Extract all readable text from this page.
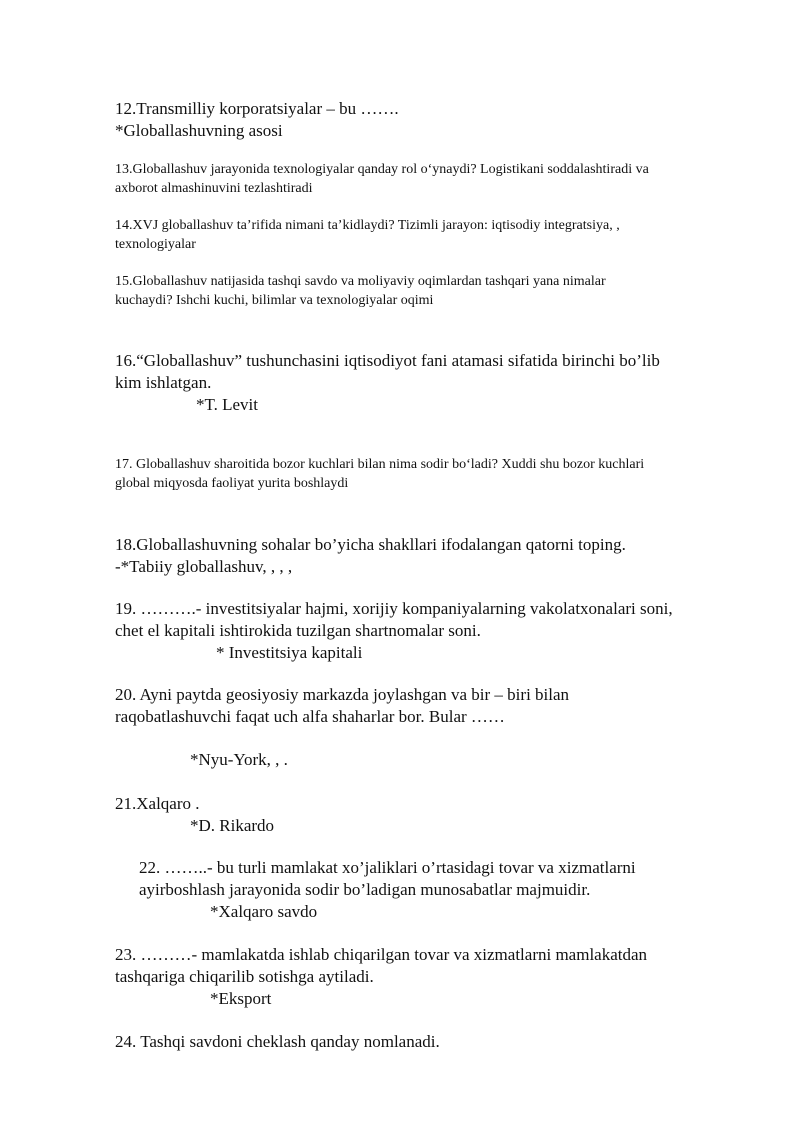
12.Transmilliy korporatsiyalar – bu …….
*Globallashuvning asosi
13.Globallashuv jarayonida texnologiyalar qanday rol o‘ynaydi? Logistikani soddalashtiradi va
axborot almashinuvini tezlashtiradi
14.XVJ globallashuv ta’rifida nimani ta’kidlaydi? Tizimli jarayon: iqtisodiy integratsiya, ,
texnologiyalar
15.Globallashuv natijasida tashqi savdo va moliyaviy oqimlardan tashqari yana nimalar
kuchaydi? Ishchi kuchi, bilimlar va texnologiyalar oqimi
16.“Globallashuv” tushunchasini iqtisodiyot fani atamasi sifatida birinchi bo’lib
kim ishlatgan.
*T. Levit
17. Globallashuv sharoitida bozor kuchlari bilan nima sodir bo‘ladi? Xuddi shu bozor kuchlari
global miqyosda faoliyat yurita boshlaydi
18.Globallashuvning sohalar bo’yicha shakllari ifodalangan qatorni toping.
-*Tabiiy globallashuv, , , ,
19. ……….- investitsiyalar hajmi, xorijiy kompaniyalarning vakolatxonalari soni,
chet el kapitali ishtirokida tuzilgan shartnomalar soni.
* Investitsiya kapitali
20. Ayni paytda geosiyosiy markazda joylashgan va bir – biri bilan
raqobatlashuvchi faqat uch alfa shaharlar bor. Bular ……
*Nyu-York, , .
21.Xalqaro .
*D. Rikardo
22. ……..- bu turli mamlakat xo’jaliklari o’rtasidagi tovar va xizmatlarni
ayirboshlash jarayonida sodir bo’ladigan munosabatlar majmuidir.
*Xalqaro savdo
23. ………- mamlakatda ishlab chiqarilgan tovar va xizmatlarni mamlakatdan
tashqariga chiqarilib sotishga aytiladi.
*Eksport
24. Tashqi savdoni cheklash qanday nomlanadi.
